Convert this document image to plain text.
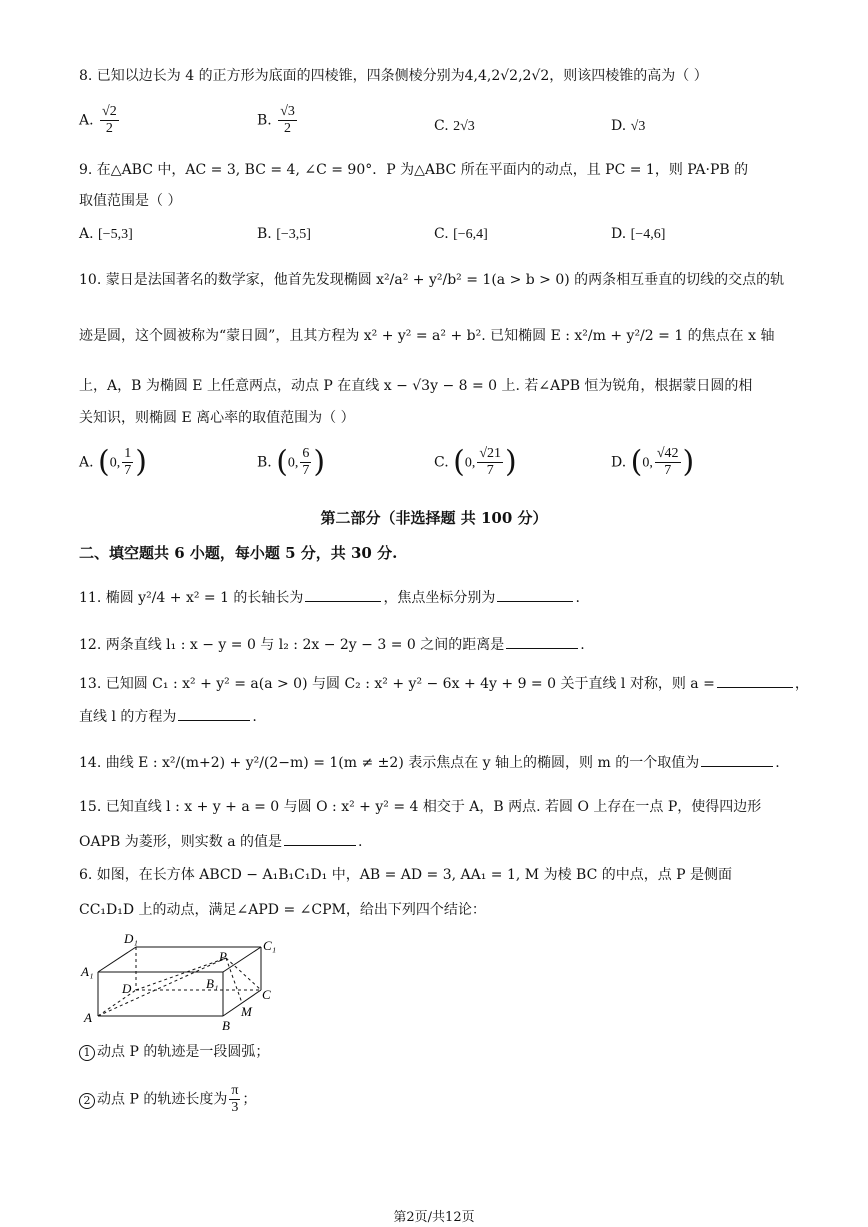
8. 已知以边长为 4 的正方形为底面的四棱锥，四条侧棱分别为4,4,2√2,2√2，则该四棱锥的高为（ ）
A. $\frac{√2}{2}$	B. $\frac{√3}{2}$	C. 2√3	D. √3
9. 在△ABC 中，AC = 3, BC = 4, ∠C = 90°．P 为△ABC 所在平面内的动点，且 PC = 1，则 PA·PB 的
取值范围是（ ）
A. [−5,3]	B. [−3,5]	C. [−6,4]	D. [−4,6]
10. 蒙日是法国著名的数学家，他首先发现椭圆 x²/a² + y²/b² = 1(a > b > 0) 的两条相互垂直的切线的交点的轨
迹是圆，这个圆被称为“蒙日圆”，且其方程为 x² + y² = a² + b². 已知椭圆 E : x²/m + y²/2 = 1 的焦点在 x 轴
上，A，B 为椭圆 E 上任意两点，动点 P 在直线 x − √3y − 8 = 0 上. 若∠APB 恒为锐角，根据蒙日圆的相
关知识，则椭圆 E 离心率的取值范围为（ ）
A. (0, $\frac{1}{7}$ )	B. (0, $\frac{6}{7}$ )	C. (0, $\frac{√21}{7}$ )	D. (0, $\frac{√42}{7}$ )
第二部分（非选择题 共 100 分）
二、填空题共 6 小题，每小题 5 分，共 30 分.
11. 椭圆 y²/4 + x² = 1 的长轴长为	，焦点坐标分别为	.
12. 两条直线 l₁ : x − y = 0 与 l₂ : 2x − 2y − 3 = 0 之间的距离是	.
13. 已知圆 C₁ : x² + y² = a(a > 0) 与圆 C₂ : x² + y² − 6x + 4y + 9 = 0 关于直线 l 对称，则 a =	，
直线 l 的方程为	.
14. 曲线 E : x²/(m+2) + y²/(2−m) = 1(m ≠ ±2) 表示焦点在 y 轴上的椭圆，则 m 的一个取值为	.
15. 已知直线 l : x + y + a = 0 与圆 O : x² + y² = 4 相交于 A，B 两点. 若圆 O 上存在一点 P，使得四边形
OAPB 为菱形，则实数 a 的值是	.
6. 如图，在长方体 ABCD − A₁B₁C₁D₁ 中，AB = AD = 3, AA₁ = 1, M 为棱 BC 的中点，点 P 是侧面
CC₁D₁D 上的动点，满足∠APD = ∠CPM，给出下列四个结论：
D₁	C₁
A₁
P
D	B₁
C
A	M
B
1 动点 P 的轨迹是一段圆弧；
2 动点 P 的轨迹长度为 $\frac{\pi}{3}$ ；
第2页/共12页
